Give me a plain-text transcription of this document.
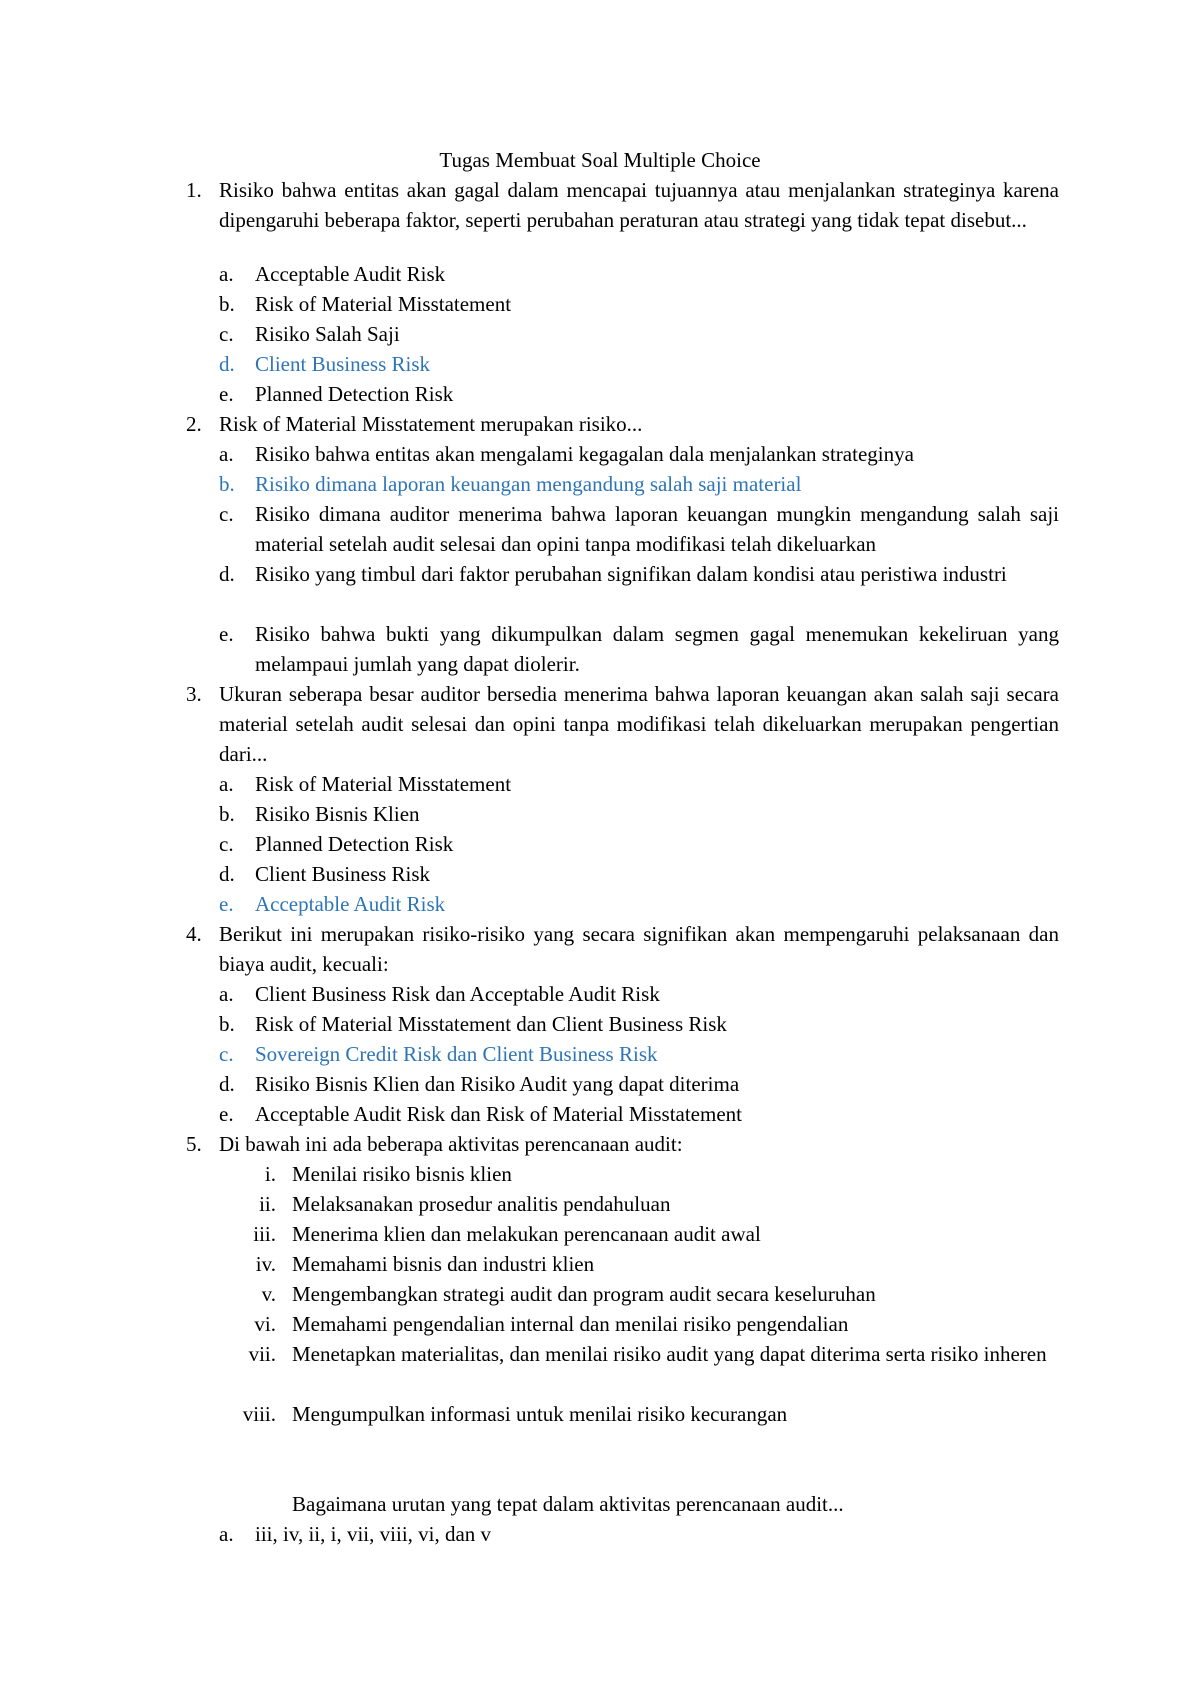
Tugas Membuat Soal Multiple Choice
1. Risiko bahwa entitas akan gagal dalam mencapai tujuannya atau menjalankan strateginya karena dipengaruhi beberapa faktor, seperti perubahan peraturan atau strategi yang tidak tepat disebut...
a.	Acceptable Audit Risk
b. Risk of Material Misstatement
c.	Risiko Salah Saji
d. Client Business Risk
e.	Planned Detection Risk
2. Risk of Material Misstatement merupakan risiko...
a.	Risiko bahwa entitas akan mengalami kegagalan dala menjalankan strateginya
b. Risiko dimana laporan keuangan mengandung salah saji material
c.	Risiko dimana auditor menerima bahwa laporan keuangan mungkin mengandung salah saji material setelah audit selesai dan opini tanpa modifikasi telah dikeluarkan
d. Risiko yang timbul dari faktor perubahan signifikan dalam kondisi atau peristiwa industri
e.	Risiko bahwa bukti yang dikumpulkan dalam segmen gagal menemukan kekeliruan yang melampaui jumlah yang dapat diolerir.
3. Ukuran seberapa besar auditor bersedia menerima bahwa laporan keuangan akan salah saji secara material setelah audit selesai dan opini tanpa modifikasi telah dikeluarkan merupakan pengertian dari...
a.	Risk of Material Misstatement
b. Risiko Bisnis Klien
c.	Planned Detection Risk
d. Client Business Risk
e.	Acceptable Audit Risk
4. Berikut ini merupakan risiko-risiko yang secara signifikan akan mempengaruhi pelaksanaan dan biaya audit, kecuali:
a.	Client Business Risk dan Acceptable Audit Risk
b. Risk of Material Misstatement dan Client Business Risk
c.	Sovereign Credit Risk dan Client Business Risk
d. Risiko Bisnis Klien dan Risiko Audit yang dapat diterima
e.	Acceptable Audit Risk dan Risk of Material Misstatement
5. Di bawah ini ada beberapa aktivitas perencanaan audit:
i. Menilai risiko bisnis klien
ii. Melaksanakan prosedur analitis pendahuluan
iii. Menerima klien dan melakukan perencanaan audit awal
iv. Memahami bisnis dan industri klien
v. Mengembangkan strategi audit dan program audit secara keseluruhan
vi. Memahami pengendalian internal dan menilai risiko pengendalian
vii. Menetapkan materialitas, dan menilai risiko audit yang dapat diterima serta risiko inheren
viii. Mengumpulkan informasi untuk menilai risiko kecurangan
Bagaimana urutan yang tepat dalam aktivitas perencanaan audit...
a.	iii, iv, ii, i, vii, viii, vi, dan v
